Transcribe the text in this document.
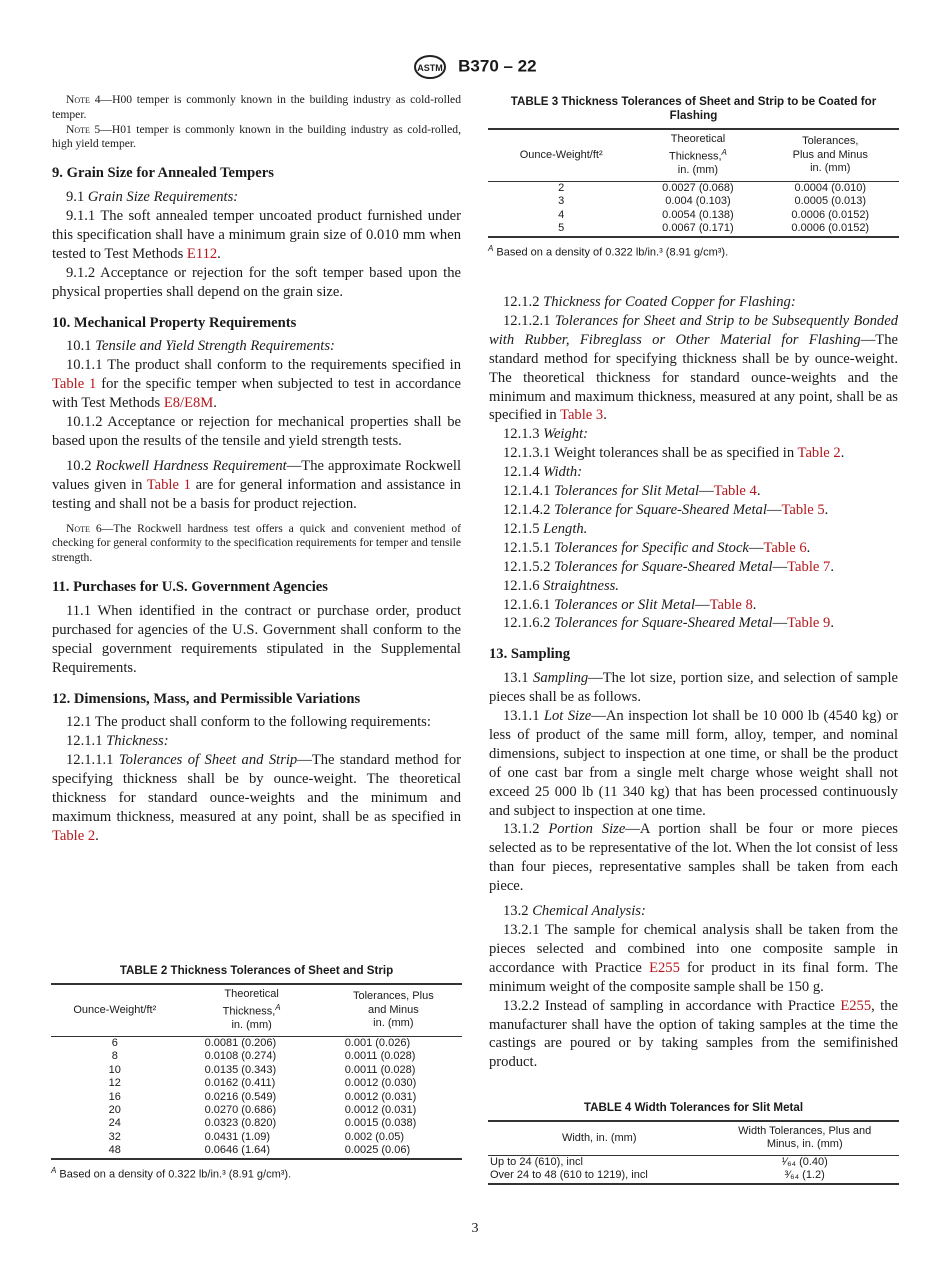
ASTM B370 – 22

Note 4—H00 temper is commonly known in the building industry as cold-rolled temper.

Note 5—H01 temper is commonly known in the building industry as cold-rolled, high yield temper.

9. Grain Size for Annealed Tempers

9.1 Grain Size Requirements:

9.1.1 The soft annealed temper uncoated product furnished under this specification shall have a minimum grain size of 0.010 mm when tested to Test Methods E112.

9.1.2 Acceptance or rejection for the soft temper based upon the physical properties shall depend on the grain size.

10. Mechanical Property Requirements

10.1 Tensile and Yield Strength Requirements:

10.1.1 The product shall conform to the requirements specified in Table 1 for the specific temper when subjected to test in accordance with Test Methods E8/E8M.

10.1.2 Acceptance or rejection for mechanical properties shall be based upon the results of the tensile and yield strength tests.

10.2 Rockwell Hardness Requirement—The approximate Rockwell values given in Table 1 are for general information and assistance in testing and shall not be a basis for product rejection.

Note 6—The Rockwell hardness test offers a quick and convenient method of checking for general conformity to the specification requirements for temper and tensile strength.

11. Purchases for U.S. Government Agencies

11.1 When identified in the contract or purchase order, product purchased for agencies of the U.S. Government shall conform to the special government requirements stipulated in the Supplemental Requirements.

12. Dimensions, Mass, and Permissible Variations

12.1 The product shall conform to the following requirements:

12.1.1 Thickness:

12.1.1.1 Tolerances of Sheet and Strip—The standard method for specifying thickness shall be by ounce-weight. The theoretical thickness for standard ounce-weights and the minimum and maximum thickness, measured at any point, shall be as specified in Table 2.

12.1.2 Thickness for Coated Copper for Flashing:

12.1.2.1 Tolerances for Sheet and Strip to be Subsequently Bonded with Rubber, Fibreglass or Other Material for Flashing—The standard method for specifying thickness shall be by ounce-weight. The theoretical thickness for standard ounce-weights and the minimum and maximum thickness, measured at any point, shall be as specified in Table 3.

12.1.3 Weight:

12.1.3.1 Weight tolerances shall be as specified in Table 2.

12.1.4 Width:

12.1.4.1 Tolerances for Slit Metal—Table 4.

12.1.4.2 Tolerance for Square-Sheared Metal—Table 5.

12.1.5 Length.

12.1.5.1 Tolerances for Specific and Stock—Table 6.

12.1.5.2 Tolerances for Square-Sheared Metal—Table 7.

12.1.6 Straightness.

12.1.6.1 Tolerances or Slit Metal—Table 8.

12.1.6.2 Tolerances for Square-Sheared Metal—Table 9.

13. Sampling

13.1 Sampling—The lot size, portion size, and selection of sample pieces shall be as follows.

13.1.1 Lot Size—An inspection lot shall be 10 000 lb (4540 kg) or less of product of the same mill form, alloy, temper, and nominal dimensions, subject to inspection at one time, or shall be the product of one cast bar from a single melt charge whose weight shall not exceed 25 000 lb (11 340 kg) that has been processed continuously and subject to inspection at one time.

13.1.2 Portion Size—A portion shall be four or more pieces selected as to be representative of the lot. When the lot consist of less than four pieces, representative samples shall be taken from each piece.

13.2 Chemical Analysis:

13.2.1 The sample for chemical analysis shall be taken from the pieces selected and combined into one composite sample in accordance with Practice E255 for product in its final form. The minimum weight of the composite sample shall be 150 g.

13.2.2 Instead of sampling in accordance with Practice E255, the manufacturer shall have the option of taking samples at the time the castings are poured or by taking samples from the semifinished product.

TABLE 3 Thickness Tolerances of Sheet and Strip to be Coated for Flashing
Ounce-Weight/ft²	Theoretical
Thickness,$^A$
in. (mm)	Tolerances,
Plus and Minus
in. (mm)
2	0.0027 (0.068)	0.0004 (0.010)
3	0.004 (0.103)	0.0005 (0.013)
4	0.0054 (0.138)	0.0006 (0.0152)
5	0.0067 (0.171)	0.0006 (0.0152)
$^A$ Based on a density of 0.322 lb/in.³ (8.91 g/cm³).
TABLE 2 Thickness Tolerances of Sheet and Strip
Ounce-Weight/ft²	Theoretical
Thickness,$^A$
in. (mm)	Tolerances, Plus
and Minus
in. (mm)
6	0.0081 (0.206)	0.001 (0.026)
8	0.0108 (0.274)	0.0011 (0.028)
10	0.0135 (0.343)	0.0011 (0.028)
12	0.0162 (0.411)	0.0012 (0.030)
16	0.0216 (0.549)	0.0012 (0.031)
20	0.0270 (0.686)	0.0012 (0.031)
24	0.0323 (0.820)	0.0015 (0.038)
32	0.0431 (1.09)	0.002 (0.05)
48	0.0646 (1.64)	0.0025 (0.06)
$^A$ Based on a density of 0.322 lb/in.³ (8.91 g/cm³).
TABLE 4 Width Tolerances for Slit Metal
Width, in. (mm)	Width Tolerances, Plus and
Minus, in. (mm)
Up to 24 (610), incl	¹⁄₆₄ (0.40)
Over 24 to 48 (610 to 1219), incl	³⁄₆₄ (1.2)
3
